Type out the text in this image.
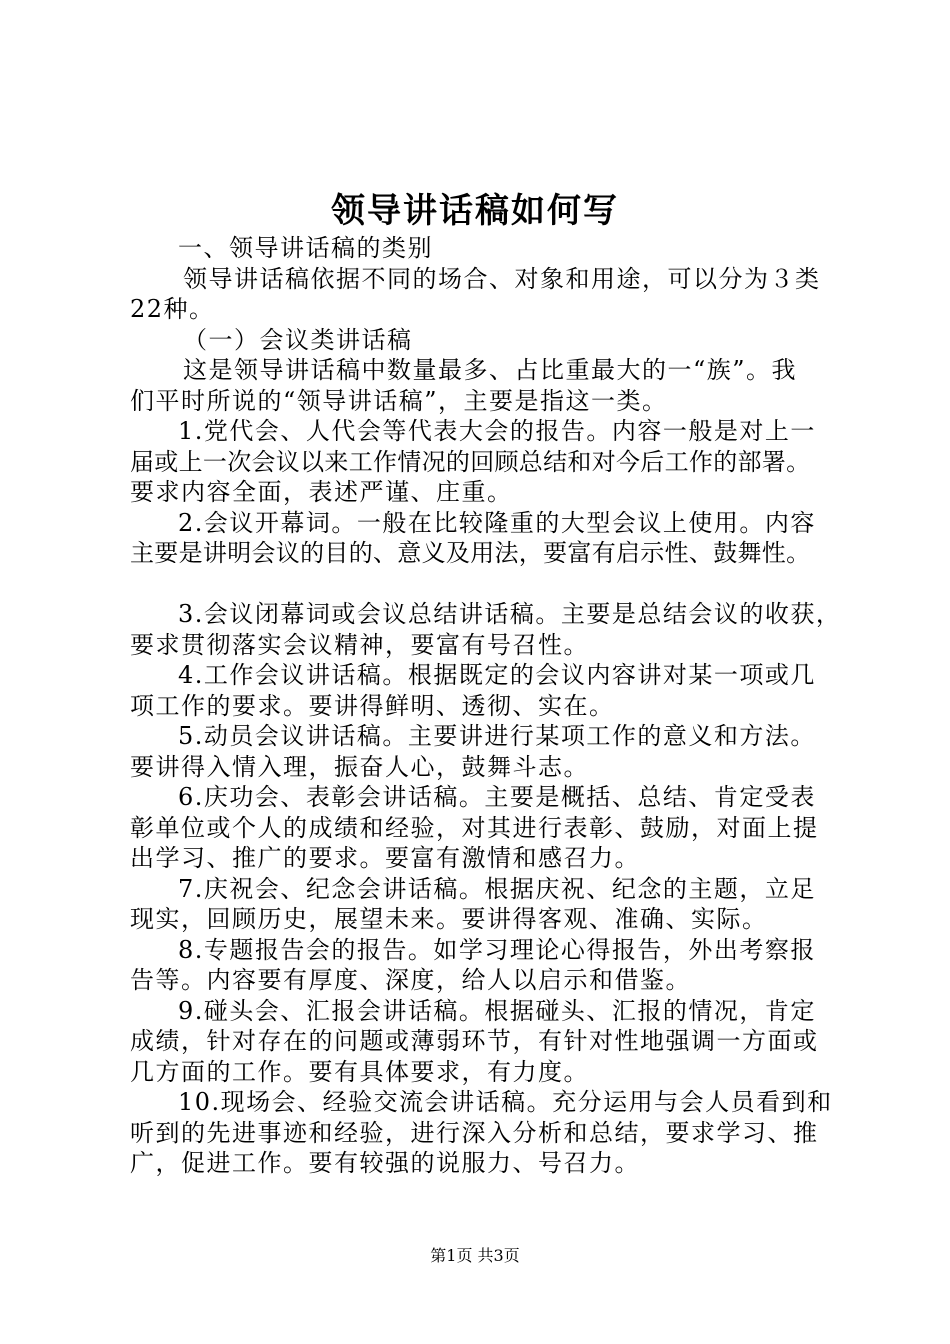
领导讲话稿如何写

一、领导讲话稿的类别

领导讲话稿依据不同的场合、对象和用途，可以分为３类

22种。

（一）会议类讲话稿

这是领导讲话稿中数量最多、占比重最大的一“族”。我

们平时所说的“领导讲话稿”，主要是指这一类。

1.党代会、人代会等代表大会的报告。内容一般是对上一

届或上一次会议以来工作情况的回顾总结和对今后工作的部署。

要求内容全面，表述严谨、庄重。

2.会议开幕词。一般在比较隆重的大型会议上使用。内容

主要是讲明会议的目的、意义及用法，要富有启示性、鼓舞性。

3.会议闭幕词或会议总结讲话稿。主要是总结会议的收获，

要求贯彻落实会议精神，要富有号召性。

4.工作会议讲话稿。根据既定的会议内容讲对某一项或几

项工作的要求。要讲得鲜明、透彻、实在。

5.动员会议讲话稿。主要讲进行某项工作的意义和方法。

要讲得入情入理，振奋人心，鼓舞斗志。

6.庆功会、表彰会讲话稿。主要是概括、总结、肯定受表

彰单位或个人的成绩和经验，对其进行表彰、鼓励，对面上提

出学习、推广的要求。要富有激情和感召力。

7.庆祝会、纪念会讲话稿。根据庆祝、纪念的主题，立足

现实，回顾历史，展望未来。要讲得客观、准确、实际。

8.专题报告会的报告。如学习理论心得报告，外出考察报

告等。内容要有厚度、深度，给人以启示和借鉴。

9.碰头会、汇报会讲话稿。根据碰头、汇报的情况，肯定

成绩，针对存在的问题或薄弱环节，有针对性地强调一方面或

几方面的工作。要有具体要求，有力度。

10.现场会、经验交流会讲话稿。充分运用与会人员看到和

听到的先进事迹和经验，进行深入分析和总结，要求学习、推

广，促进工作。要有较强的说服力、号召力。

第1页 共3页
